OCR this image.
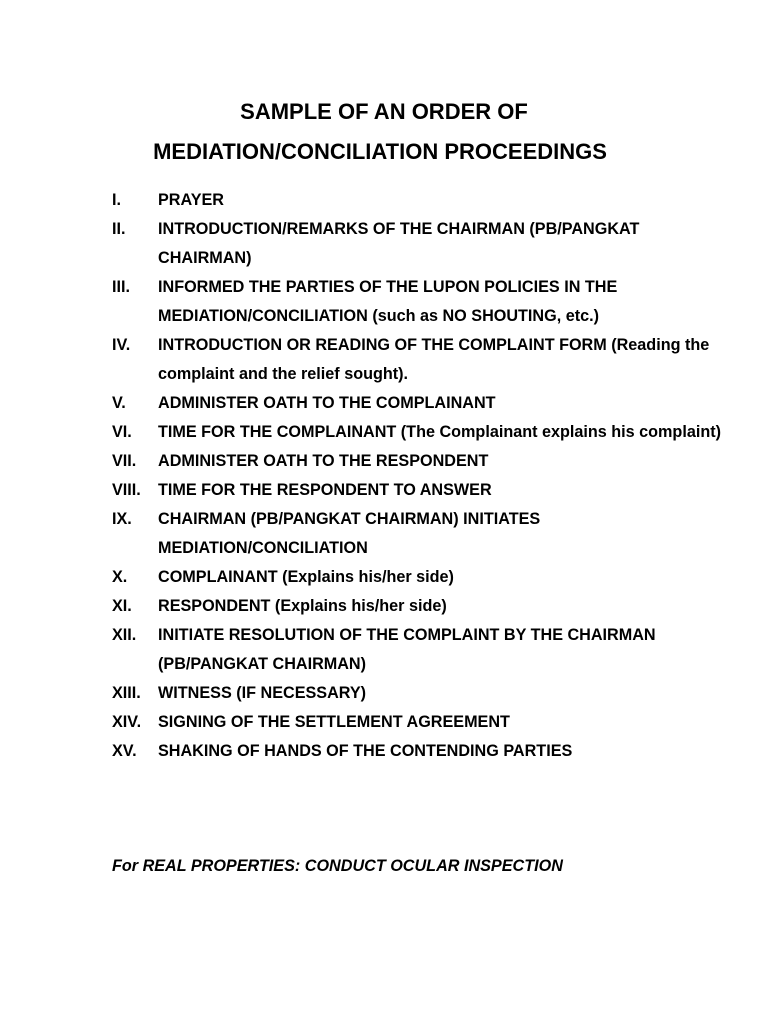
SAMPLE OF AN ORDER OF
MEDIATION/CONCILIATION PROCEEDINGS
I.	PRAYER
II.	INTRODUCTION/REMARKS OF THE CHAIRMAN (PB/PANGKAT CHAIRMAN)
III.	INFORMED THE PARTIES OF THE LUPON POLICIES IN THE MEDIATION/CONCILIATION (such as NO SHOUTING, etc.)
IV.	INTRODUCTION OR READING OF THE COMPLAINT FORM (Reading the complaint and the relief sought).
V.	ADMINISTER OATH TO THE COMPLAINANT
VI.	TIME FOR THE COMPLAINANT (The Complainant explains his complaint)
VII.	ADMINISTER OATH TO THE RESPONDENT
VIII.	TIME FOR THE RESPONDENT TO ANSWER
IX.	CHAIRMAN (PB/PANGKAT CHAIRMAN) INITIATES MEDIATION/CONCILIATION
X.	COMPLAINANT (Explains his/her side)
XI.	RESPONDENT (Explains his/her side)
XII.	INITIATE RESOLUTION OF THE COMPLAINT BY THE CHAIRMAN (PB/PANGKAT CHAIRMAN)
XIII.	WITNESS (IF NECESSARY)
XIV.	SIGNING OF THE SETTLEMENT AGREEMENT
XV.	SHAKING OF HANDS OF THE CONTENDING PARTIES

For REAL PROPERTIES: CONDUCT OCULAR INSPECTION
